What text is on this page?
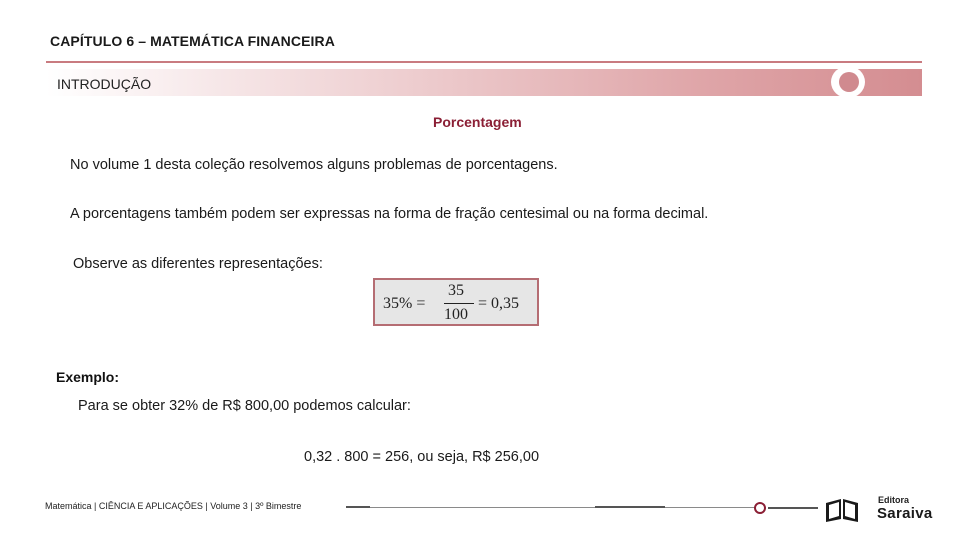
CAPÍTULO 6 – MATEMÁTICA FINANCEIRA
INTRODUÇÃO
Porcentagem
No volume 1 desta coleção resolvemos alguns problemas de porcentagens.
A porcentagens também podem ser expressas na forma de fração centesimal ou na forma decimal.
Observe as diferentes representações:
35% =
35
100
= 0,35
Exemplo:
Para se obter 32% de R$ 800,00 podemos calcular:
0,32 . 800 = 256, ou seja, R$ 256,00
Matemática | CIÊNCIA E APLICAÇÕES | Volume 3 | 3º Bimestre
Editora
Saraiva
